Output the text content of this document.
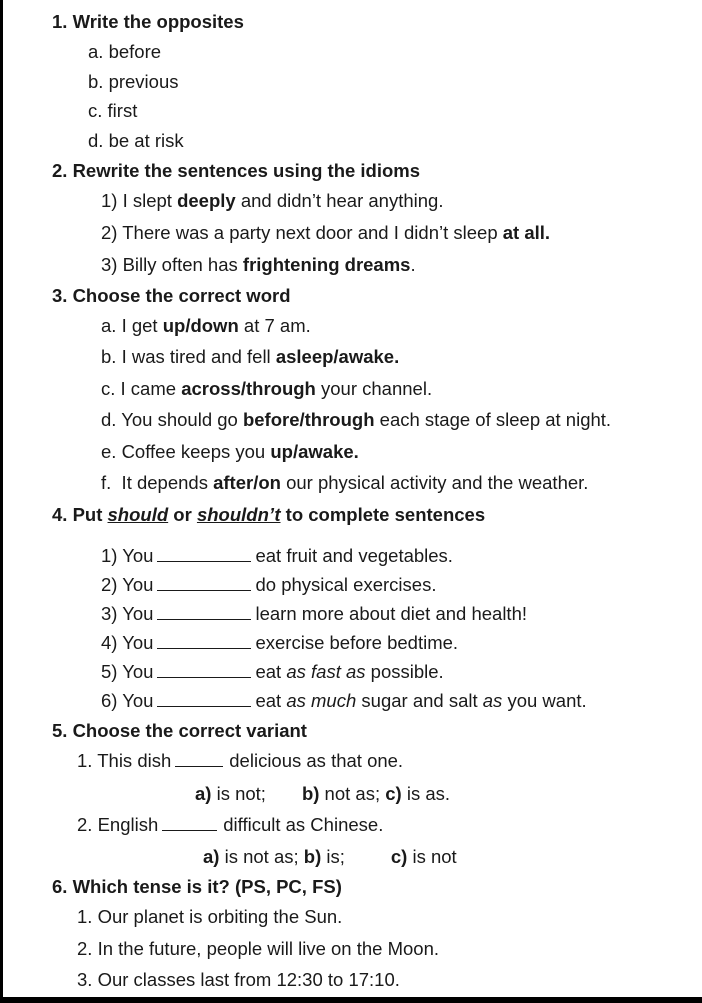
1. Write the opposites
a. before
b. previous
c. first
d. be at risk
2. Rewrite the sentences using the idioms
1) I slept deeply and didn’t hear anything.
2) There was a party next door and I didn’t sleep at all.
3) Billy often has frightening dreams.
3. Choose the correct word
a. I get up/down at 7 am.
b. I was tired and fell asleep/awake.
c. I came across/through your channel.
d. You should go before/through each stage of sleep at night.
e. Coffee keeps you up/awake.
f.  It depends after/on our physical activity and the weather.
4. Put should or shouldn’t to complete sentences
1) You	eat fruit and vegetables.
2) You	do physical exercises.
3) You	learn more about diet and health!
4) You	exercise before bedtime.
5) You	eat as fast as possible.
6) You	eat as much sugar and salt as you want.
5. Choose the correct variant
1. This dish	delicious as that one.
a) is not; b) not as; c) is as.
2. English	difficult as Chinese.
a) is not as; b) is; c) is not
6. Which tense is it? (PS, PC, FS)
1. Our planet is orbiting the Sun.
2. In the future, people will live on the Moon.
3. Our classes last from 12:30 to 17:10.
